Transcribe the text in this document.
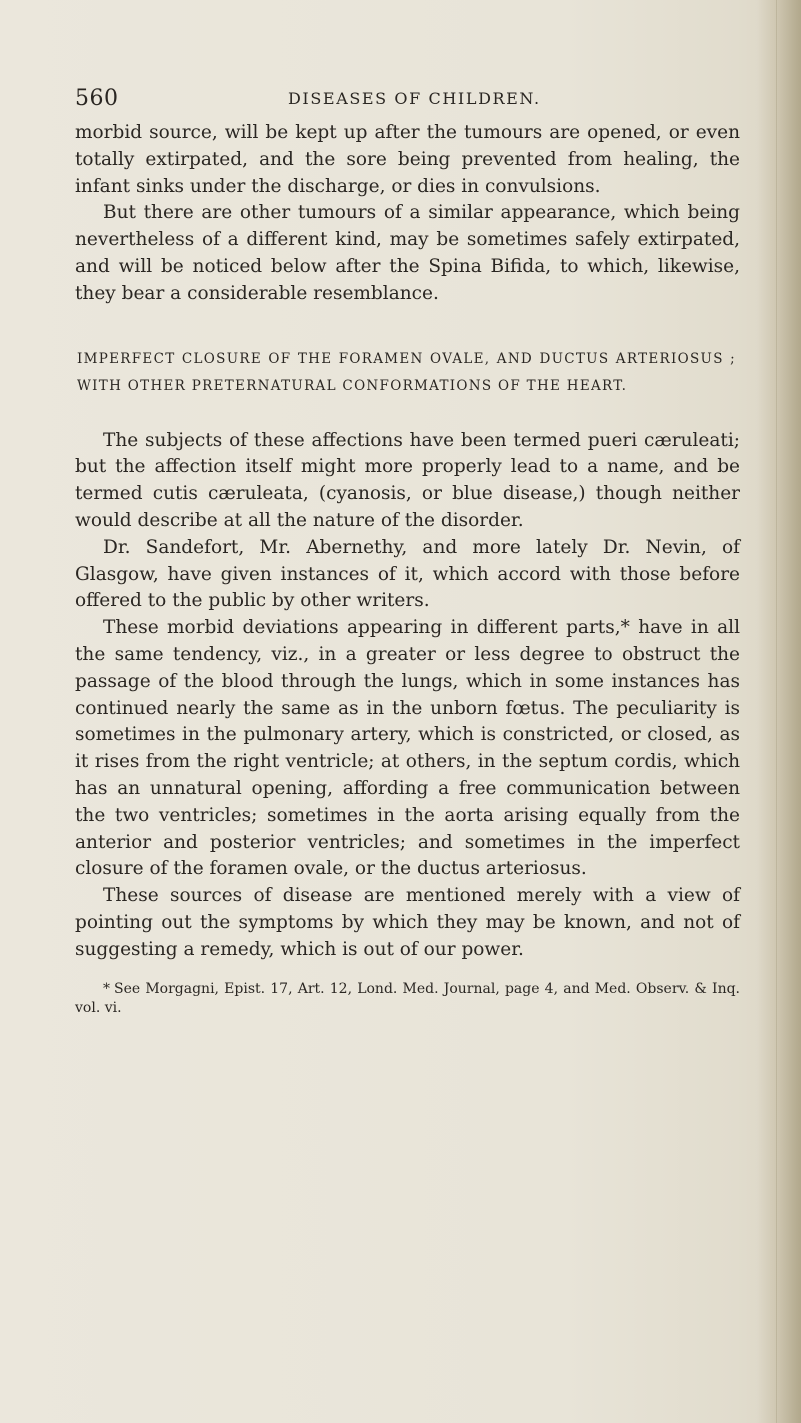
560	DISEASES OF CHILDREN.

morbid source, will be kept up after the tumours are opened, or even totally extirpated, and the sore being prevented from healing, the infant sinks under the discharge, or dies in convulsions.

But there are other tumours of a similar appearance, which being nevertheless of a different kind, may be sometimes safely extirpated, and will be noticed below after the Spina Bifida, to which, likewise, they bear a considerable resemblance.

IMPERFECT CLOSURE OF THE FORAMEN OVALE, AND DUCTUS ARTERIOSUS ; WITH OTHER PRETERNATURAL CONFORMATIONS OF THE HEART.

The subjects of these affections have been termed pueri cæruleati; but the affection itself might more properly lead to a name, and be termed cutis cæruleata, (cyanosis, or blue disease,) though neither would describe at all the nature of the disorder.

Dr. Sandefort, Mr. Abernethy, and more lately Dr. Nevin, of Glasgow, have given instances of it, which accord with those before offered to the public by other writers.

These morbid deviations appearing in different parts,* have in all the same tendency, viz., in a greater or less degree to obstruct the passage of the blood through the lungs, which in some instances has continued nearly the same as in the unborn fœtus. The peculiarity is sometimes in the pulmonary artery, which is constricted, or closed, as it rises from the right ventricle; at others, in the septum cordis, which has an unnatural opening, affording a free communication between the two ventricles; sometimes in the aorta arising equally from the anterior and posterior ventricles; and sometimes in the imperfect closure of the foramen ovale, or the ductus arteriosus.

These sources of disease are mentioned merely with a view of pointing out the symptoms by which they may be known, and not of suggesting a remedy, which is out of our power.

* See Morgagni, Epist. 17, Art. 12, Lond. Med. Journal, page 4, and Med. Observ. & Inq. vol. vi.
